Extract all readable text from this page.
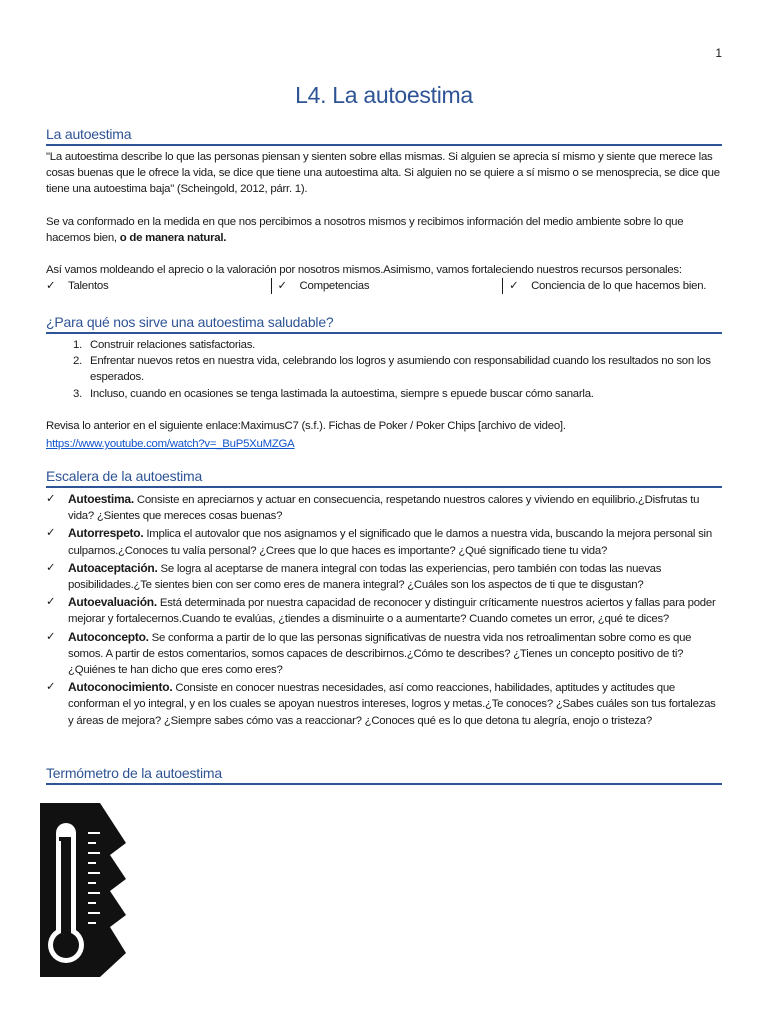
1
L4. La autoestima
La autoestima

"La autoestima describe lo que las personas piensan y sienten sobre ellas mismas. Si alguien se aprecia sí mismo y siente que merece las cosas buenas que le ofrece la vida, se dice que tiene una autoestima alta. Si alguien no se quiere a sí mismo o se menosprecia, se dice que tiene una autoestima baja" (Scheingold, 2012, párr. 1).

Se va conformado en la medida en que nos percibimos a nosotros mismos y recibimos información del medio ambiente sobre lo que hacemos bien, o de manera natural.

Así vamos moldeando el aprecio o la valoración por nosotros mismos.Asimismo, vamos fortaleciendo nuestros recursos personales:

✓	Talentos	✓	Competencias	✓	Conciencia de lo que hacemos bien.
¿Para qué nos sirve una autoestima saludable?
1. Construir relaciones satisfactorias.
2. Enfrentar nuevos retos en nuestra vida, celebrando los logros y asumiendo con responsabilidad cuando los resultados no son los esperados.
3. Incluso, cuando en ocasiones se tenga lastimada la autoestima, siempre s epuede buscar cómo sanarla.

Revisa lo anterior en el siguiente enlace:MaximusC7 (s.f.). Fichas de Poker / Poker Chips [archivo de video].

https://www.youtube.com/watch?v=_BuP5XuMZGA
Escalera de la autoestima
✓	Autoestima. Consiste en apreciarnos y actuar en consecuencia, respetando nuestros calores y viviendo en equilibrio.¿Disfrutas tu vida? ¿Sientes que mereces cosas buenas?
✓	Autorrespeto. Implica el autovalor que nos asignamos y el significado que le damos a nuestra vida, buscando la mejora personal sin culparnos.¿Conoces tu valía personal? ¿Crees que lo que haces es importante? ¿Qué significado tiene tu vida?
✓	Autoaceptación. Se logra al aceptarse de manera integral con todas las experiencias, pero también con todas las nuevas posibilidades.¿Te sientes bien con ser como eres de manera integral? ¿Cuáles son los aspectos de ti que te disgustan?
✓	Autoevaluación. Está determinada por nuestra capacidad de reconocer y distinguir críticamente nuestros aciertos y fallas para poder mejorar y fortalecernos.Cuando te evalúas, ¿tiendes a disminuirte o a aumentarte? Cuando cometes un error, ¿qué te dices?
✓	Autoconcepto. Se conforma a partir de lo que las personas significativas de nuestra vida nos retroalimentan sobre como es que somos. A partir de estos comentarios, somos capaces de describirnos.¿Cómo te describes? ¿Tienes un concepto positivo de ti? ¿Quiénes te han dicho que eres como eres?
✓	Autoconocimiento. Consiste en conocer nuestras necesidades, así como reacciones, habilidades, aptitudes y actitudes que conforman el yo integral, y en los cuales se apoyan nuestros intereses, logros y metas.¿Te conoces? ¿Sabes cuáles son tus fortalezas y áreas de mejora? ¿Siempre sabes cómo vas a reaccionar? ¿Conoces qué es lo que detona tu alegría, enojo o tristeza?
Termómetro de la autoestima
